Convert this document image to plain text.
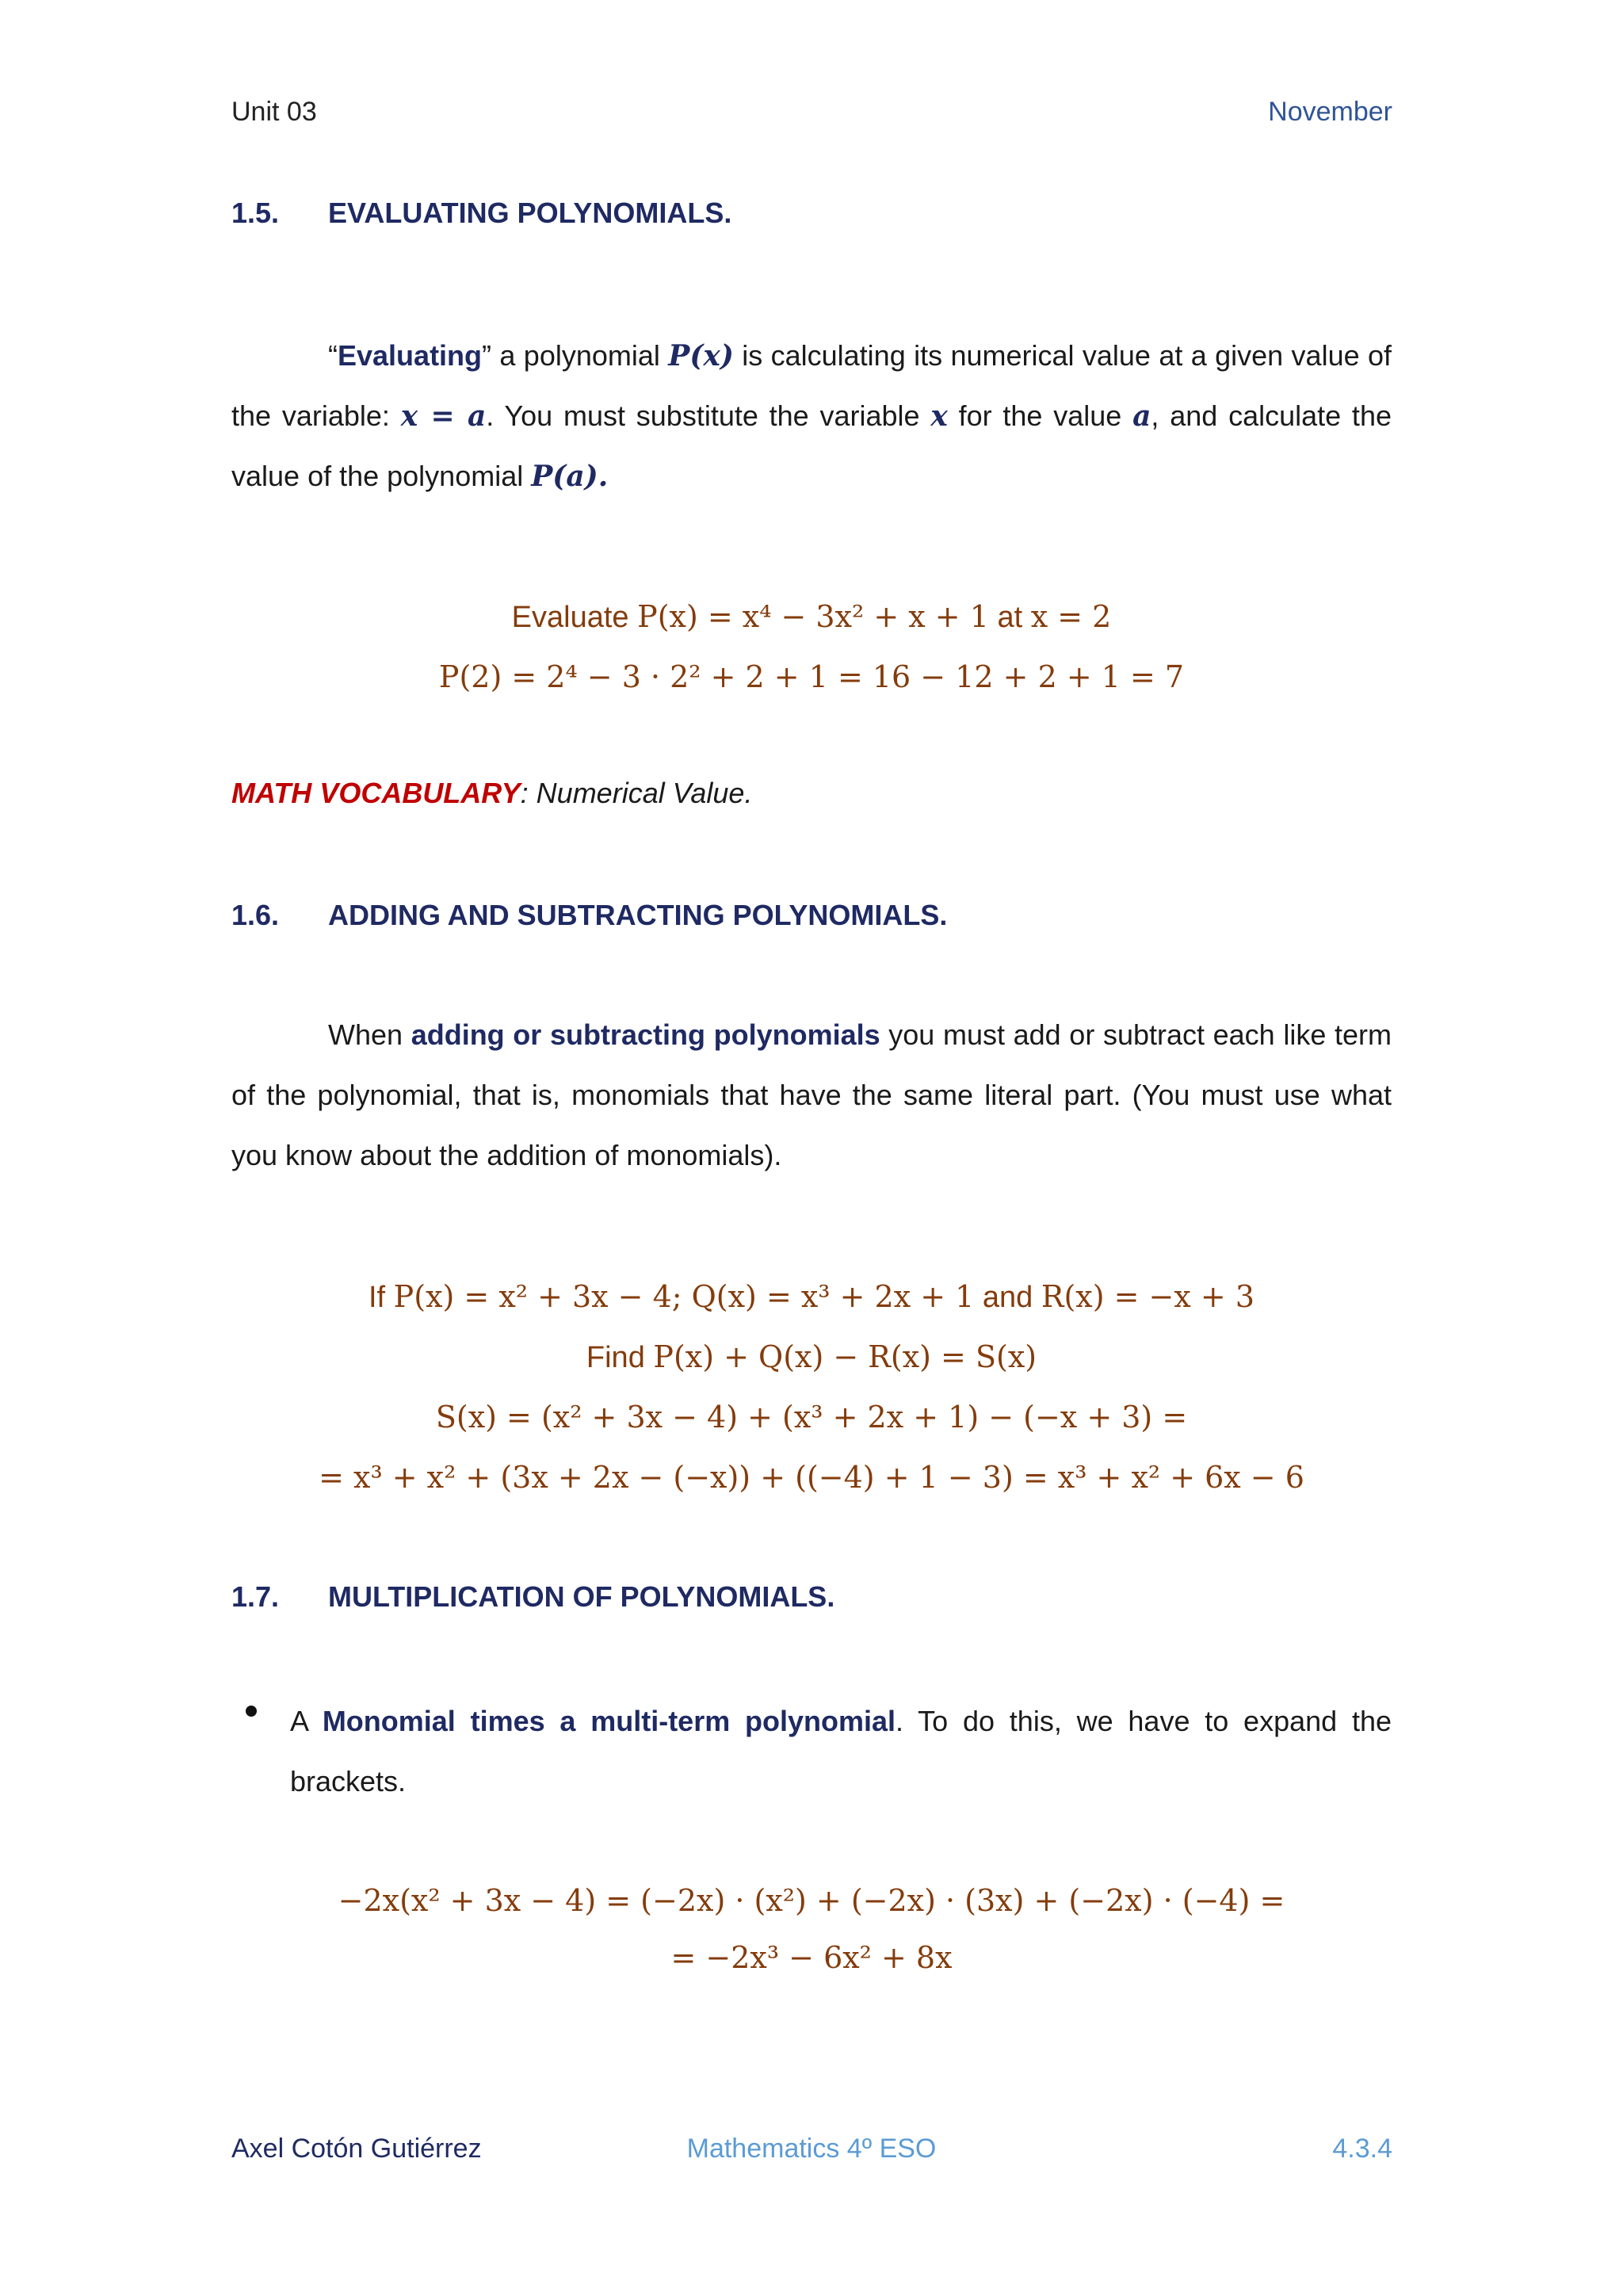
Unit 03	November
1.5. EVALUATING POLYNOMIALS.
“Evaluating” a polynomial P(x) is calculating its numerical value at a given value of the variable: x = a. You must substitute the variable x for the value a, and calculate the value of the polynomial P(a).
Evaluate P(x) = x⁴ − 3x² + x + 1 at x = 2
P(2) = 2⁴ − 3 · 2² + 2 + 1 = 16 − 12 + 2 + 1 = 7
MATH VOCABULARY: Numerical Value.
1.6. ADDING AND SUBTRACTING POLYNOMIALS.
When adding or subtracting polynomials you must add or subtract each like term of the polynomial, that is, monomials that have the same literal part. (You must use what you know about the addition of monomials).
If P(x) = x² + 3x − 4; Q(x) = x³ + 2x + 1 and R(x) = −x + 3
Find P(x) + Q(x) − R(x) = S(x)
S(x) = (x² + 3x − 4) + (x³ + 2x + 1) − (−x + 3) =
= x³ + x² + (3x + 2x − (−x)) + ((−4) + 1 − 3) = x³ + x² + 6x − 6
1.7. MULTIPLICATION OF POLYNOMIALS.
A Monomial times a multi-term polynomial. To do this, we have to expand the brackets.
−2x(x² + 3x − 4) = (−2x) · (x²) + (−2x) · (3x) + (−2x) · (−4) =
= −2x³ − 6x² + 8x
Axel Cotón Gutiérrez	Mathematics 4º ESO	4.3.4
